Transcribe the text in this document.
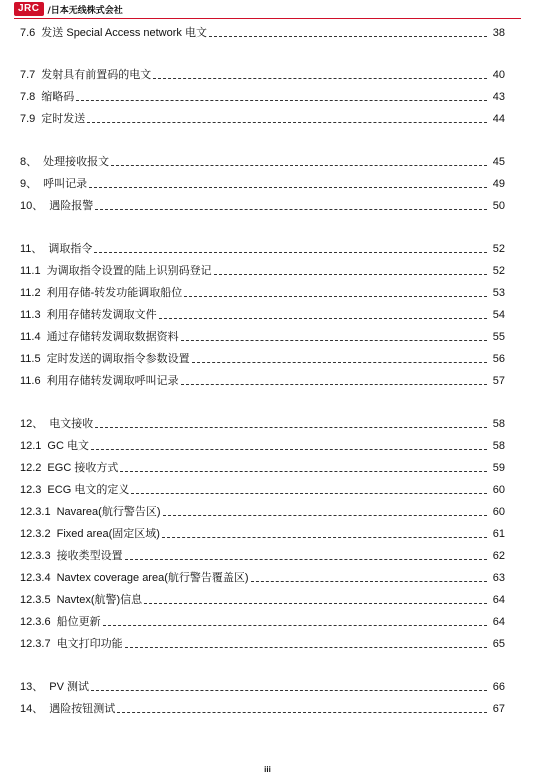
JRC /日本无线株式会社
7.6 发送 Special Access network 电文	38
7.7 发射具有前置码的电文	40
7.8 缩略码	43
7.9 定时发送	44
8、 处理接收报文	45
9、 呼叫记录	49
10、 遇险报警	50
11、 调取指令	52
11.1 为调取指令设置的陆上识别码登记	52
11.2 利用存储-转发功能调取船位	53
11.3 利用存储转发调取文件	54
11.4 通过存储转发调取数据资料	55
11.5 定时发送的调取指令参数设置	56
11.6 利用存储转发调取呼叫记录	57
12、 电文接收	58
12.1 GC 电文	58
12.2 EGC 接收方式	59
12.3 ECG 电文的定义	60
12.3.1 Navarea(航行警告区)	60
12.3.2 Fixed area(固定区域)	61
12.3.3 接收类型设置	62
12.3.4 Navtex coverage area(航行警告覆盖区)	63
12.3.5 Navtex(航警)信息	64
12.3.6 船位更新	64
12.3.7 电文打印功能	65
13、 PV 测试	66
14、 遇险按钮测试	67
iii
